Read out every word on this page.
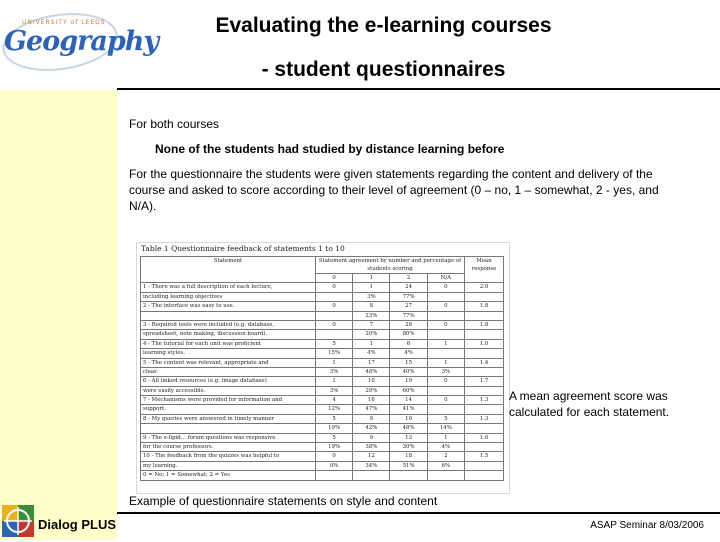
UNIVERSITY of LEEDS
Geography
Evaluating the e-learning courses
- student questionnaires
For both courses
None of the students had studied by distance learning before
For the questionnaire the students were given statements regarding the content and delivery of the course and asked to score according to their level of agreement (0 – no, 1 – somewhat, 2 - yes, and N/A).
Table 1 Questionnaire feedback of statements 1 to 10
Statement	Statement agreement by number and percentage of students scoring				Mean response
	0	1	2	N/A	
1 - There was a full description of each lecture,	0	1	24	0	2.0
including learning objectives		3%	77%		
2 - The interface was easy to use.	0	8	27	0	1.8
		23%	77%		
3 - Required tools were included (e.g. database,	0	7	28	0	1.8
spreadsheet, note making, discussion board).		20%	80%		
4 - The tutorial for each unit was proficient	5	1	6	1	1.0
learning styles.	15%	4%	4%		
5 - The content was relevant, appropriate and	1	17	15	1	1.4
clear.	3%	48%	40%	3%	
6 - All linked resources (e.g. image database)	1	10	19	0	1.7
were easily accessible.	3%	29%	60%		
7 - Mechanisms were provided for information and	4	16	14	0	1.3
support.	12%	47%	41%		
8 - My queries were answered in timely manner	5	9	10	5	1.3
	19%	42%	48%	14%	
9 - The e-lipid... forum questions was responsive	5	9	13	1	1.6
for the course professors.	19%	38%	30%	4%	
10 - The feedback from the quizzes was helpful to	0	12	18	2	1.5
my learning.	0%	34%	51%	6%	
0 = No; 1 = Somewhat; 2 = Yes					
A mean agreement score was calculated for each statement.
Example of questionnaire statements on style and content
Dialog PLUS	ASAP Seminar 8/03/2006
